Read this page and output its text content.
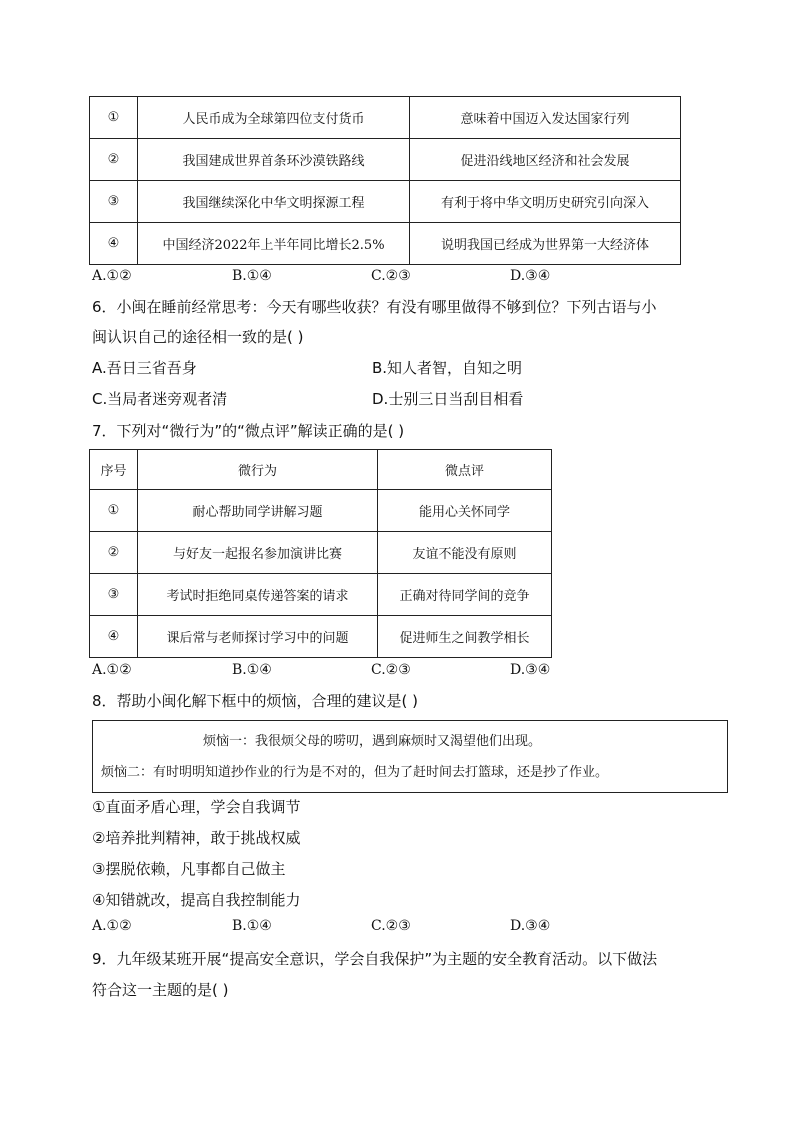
①	人民币成为全球第四位支付货币	意味着中国迈入发达国家行列
②	我国建成世界首条环沙漠铁路线	促进沿线地区经济和社会发展
③	我国继续深化中华文明探源工程	有利于将中华文明历史研究引向深入
④	中国经济2022年上半年同比增长2.5%	说明我国已经成为世界第一大经济体
A.①②	B.①④	C.②③	D.③④
6．小闽在睡前经常思考：今天有哪些收获？有没有哪里做得不够到位？下列古语与小
闽认识自己的途径相一致的是( )
A.吾日三省吾身	B.知人者智，自知之明
C.当局者迷旁观者清	D.士别三日当刮目相看
7．下列对“微行为”的“微点评”解读正确的是( )
序号	微行为	微点评
①	耐心帮助同学讲解习题	能用心关怀同学
②	与好友一起报名参加演讲比赛	友谊不能没有原则
③	考试时拒绝同桌传递答案的请求	正确对待同学间的竞争
④	课后常与老师探讨学习中的问题	促进师生之间教学相长
A.①②	B.①④	C.②③	D.③④
8．帮助小闽化解下框中的烦恼，合理的建议是( )
烦恼一：我很烦父母的唠叨，遇到麻烦时又渴望他们出现。
烦恼二：有时明明知道抄作业的行为是不对的，但为了赶时间去打篮球，还是抄了作业。
①直面矛盾心理，学会自我调节
②培养批判精神，敢于挑战权威
③摆脱依赖，凡事都自己做主
④知错就改，提高自我控制能力
A.①②	B.①④	C.②③	D.③④
9．九年级某班开展“提高安全意识，学会自我保护”为主题的安全教育活动。以下做法
符合这一主题的是( )
